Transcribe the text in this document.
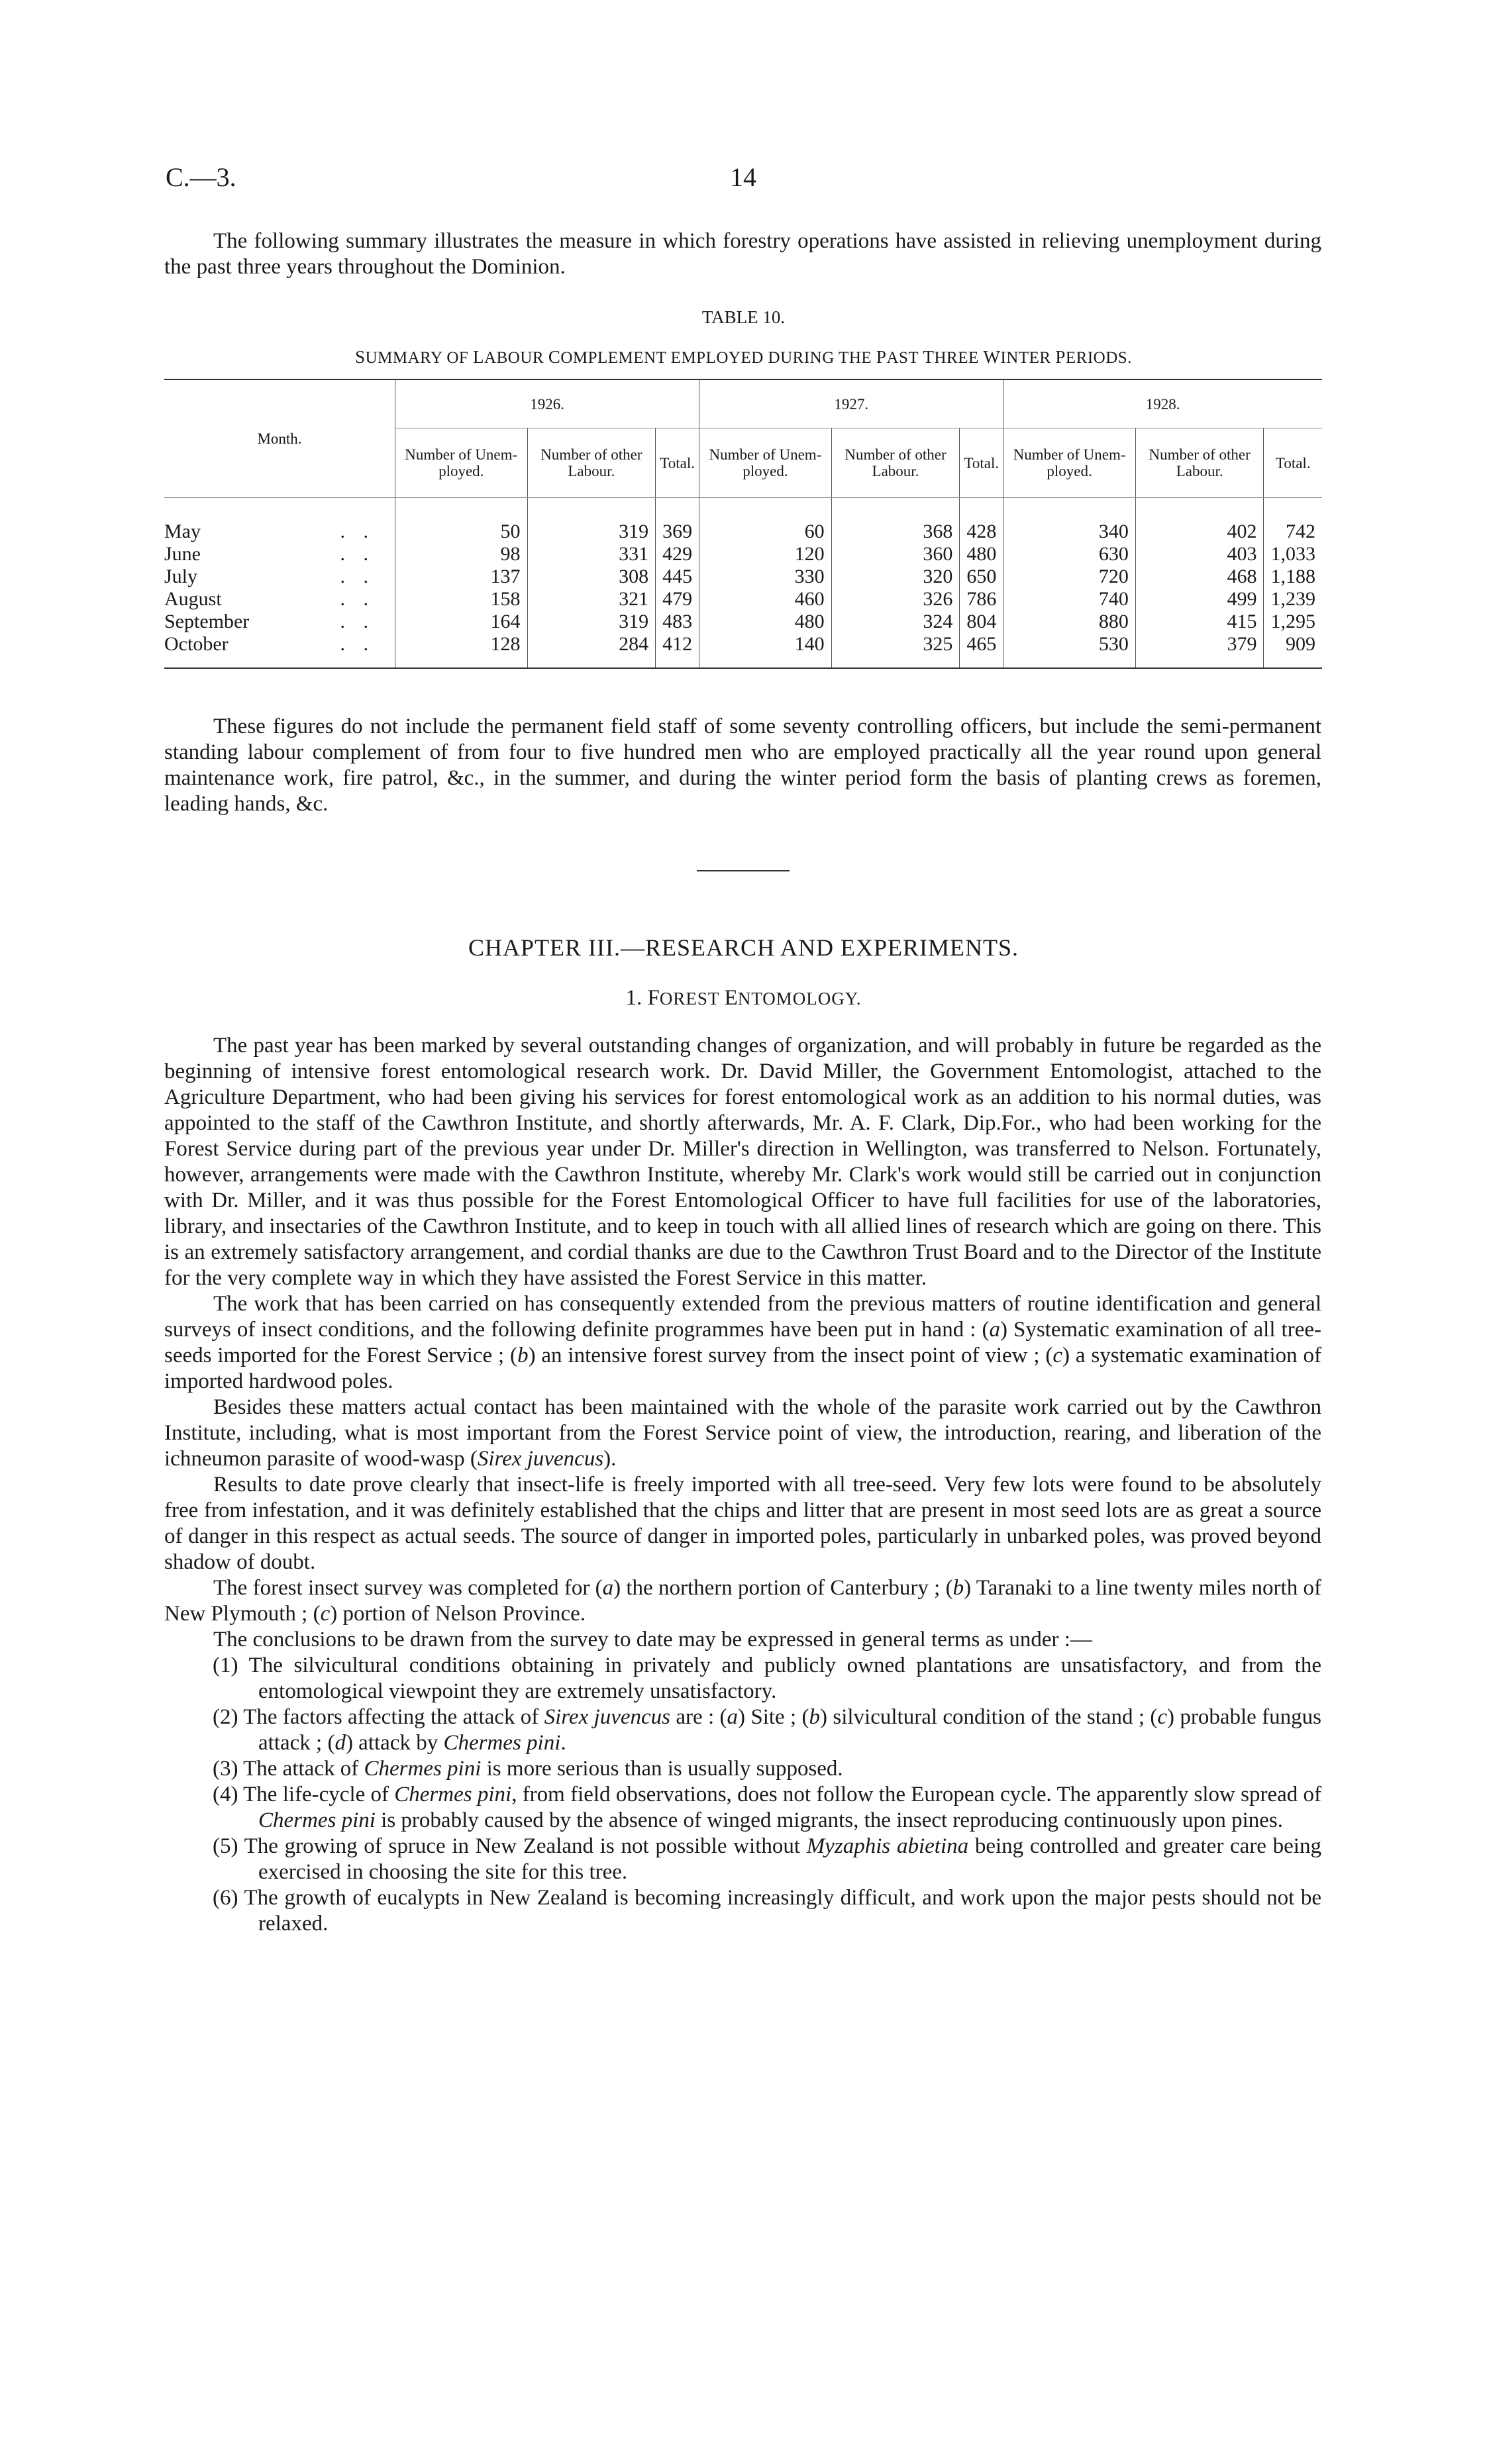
C.—3.	14

The following summary illustrates the measure in which forestry operations have assisted in relieving unemployment during the past three years throughout the Dominion.

TABLE 10.
SUMMARY OF LABOUR COMPLEMENT EMPLOYED DURING THE PAST THREE WINTER PERIODS.
Month.	1926.			1927.			1928.		
	Number of Unem-ployed.	Number of other Labour.	Total.	Number of Unem-ployed.	Number of other Labour.	Total.	Number of Unem-ployed.	Number of other Labour.	Total.
May . .	50	319	369	60	368	428	340	402	742
June . .	98	331	429	120	360	480	630	403	1,033
July . .	137	308	445	330	320	650	720	468	1,188
August . .	158	321	479	460	326	786	740	499	1,239
September . .	164	319	483	480	324	804	880	415	1,295
October . .	128	284	412	140	325	465	530	379	909

These figures do not include the permanent field staff of some seventy controlling officers, but include the semi-permanent standing labour complement of from four to five hundred men who are employed practically all the year round upon general maintenance work, fire patrol, &c., in the summer, and during the winter period form the basis of planting crews as foremen, leading hands, &c.

CHAPTER III.—RESEARCH AND EXPERIMENTS.
1. FOREST ENTOMOLOGY.

The past year has been marked by several outstanding changes of organization, and will probably in future be regarded as the beginning of intensive forest entomological research work. Dr. David Miller, the Government Entomologist, attached to the Agriculture Department, who had been giving his services for forest entomological work as an addition to his normal duties, was appointed to the staff of the Cawthron Institute, and shortly afterwards, Mr. A. F. Clark, Dip.For., who had been working for the Forest Service during part of the previous year under Dr. Miller's direction in Wellington, was transferred to Nelson. Fortunately, however, arrangements were made with the Cawthron Institute, whereby Mr. Clark's work would still be carried out in conjunction with Dr. Miller, and it was thus possible for the Forest Entomological Officer to have full facilities for use of the laboratories, library, and insectaries of the Cawthron Institute, and to keep in touch with all allied lines of research which are going on there. This is an extremely satisfactory arrangement, and cordial thanks are due to the Cawthron Trust Board and to the Director of the Institute for the very complete way in which they have assisted the Forest Service in this matter.

The work that has been carried on has consequently extended from the previous matters of routine identification and general surveys of insect conditions, and the following definite programmes have been put in hand : (a) Systematic examination of all tree-seeds imported for the Forest Service ; (b) an intensive forest survey from the insect point of view ; (c) a systematic examination of imported hardwood poles.

Besides these matters actual contact has been maintained with the whole of the parasite work carried out by the Cawthron Institute, including, what is most important from the Forest Service point of view, the introduction, rearing, and liberation of the ichneumon parasite of wood-wasp (Sirex juvencus).

Results to date prove clearly that insect-life is freely imported with all tree-seed. Very few lots were found to be absolutely free from infestation, and it was definitely established that the chips and litter that are present in most seed lots are as great a source of danger in this respect as actual seeds. The source of danger in imported poles, particularly in unbarked poles, was proved beyond shadow of doubt.

The forest insect survey was completed for (a) the northern portion of Canterbury ; (b) Taranaki to a line twenty miles north of New Plymouth ; (c) portion of Nelson Province.

The conclusions to be drawn from the survey to date may be expressed in general terms as under :—

(1) The silvicultural conditions obtaining in privately and publicly owned plantations are unsatisfactory, and from the entomological viewpoint they are extremely unsatisfactory.
(2) The factors affecting the attack of Sirex juvencus are : (a) Site ; (b) silvicultural condition of the stand ; (c) probable fungus attack ; (d) attack by Chermes pini.
(3) The attack of Chermes pini is more serious than is usually supposed.
(4) The life-cycle of Chermes pini, from field observations, does not follow the European cycle. The apparently slow spread of Chermes pini is probably caused by the absence of winged migrants, the insect reproducing continuously upon pines.
(5) The growing of spruce in New Zealand is not possible without Myzaphis abietina being controlled and greater care being exercised in choosing the site for this tree.
(6) The growth of eucalypts in New Zealand is becoming increasingly difficult, and work upon the major pests should not be relaxed.
